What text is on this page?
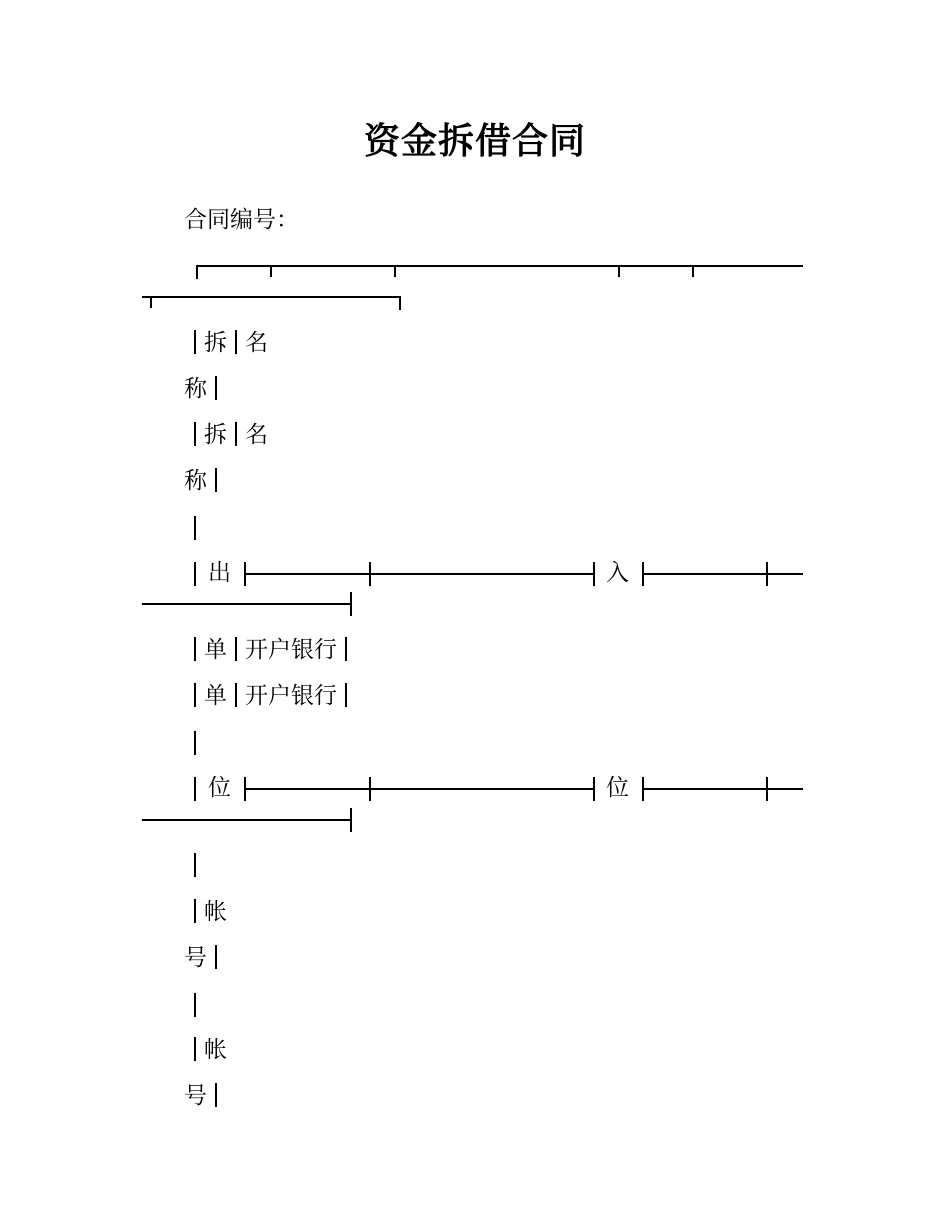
资金拆借合同
合同编号：
拆 名
称
拆 名
称
出	入
单 开户银行
单 开户银行
位	位
帐
号
帐
号
